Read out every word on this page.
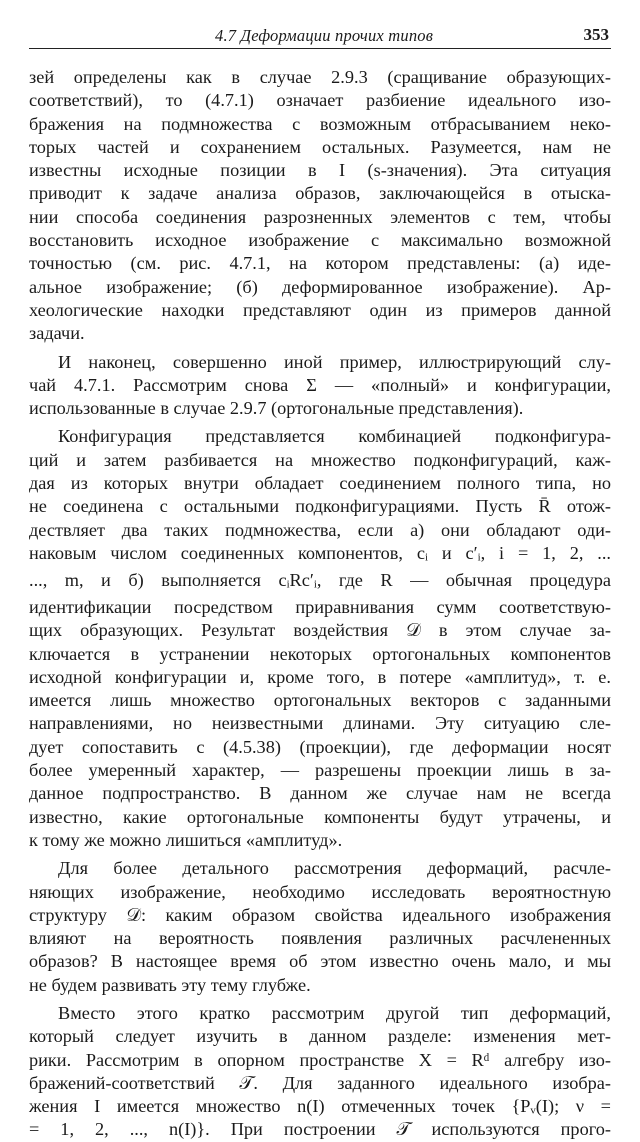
4.7 Деформации прочих типов	353
зей определены как в случае 2.9.3 (сращивание образующих-
соответствий), то (4.7.1) означает разбиение идеального изо-
бражения на подмножества с возможным отбрасыванием неко-
торых частей и сохранением остальных. Разумеется, нам не
известны исходные позиции в I (s-значения). Эта ситуация
приводит к задаче анализа образов, заключающейся в отыска-
нии способа соединения разрозненных элементов с тем, чтобы
восстановить исходное изображение с максимально возможной
точностью (см. рис. 4.7.1, на котором представлены: (а) иде-
альное изображение; (б) деформированное изображение). Ар-
хеологические находки представляют один из примеров данной
задачи.
И наконец, совершенно иной пример, иллюстрирующий слу-
чай 4.7.1. Рассмотрим снова Σ — «полный» и конфигурации,
использованные в случае 2.9.7 (ортогональные представления).
Конфигурация представляется комбинацией подконфигура-
ций и затем разбивается на множество подконфигураций, каж-
дая из которых внутри обладает соединением полного типа, но
не соединена с остальными подконфигурациями. Пусть R̄ отож-
дествляет два таких подмножества, если а) они обладают оди-
наковым числом соединенных компонентов, cᵢ и c′ᵢ, i = 1, 2, ...
..., m, и б) выполняется cᵢRc′ᵢ, где R — обычная процедура
идентификации посредством приравнивания сумм соответствую-
щих образующих. Результат воздействия 𝒟 в этом случае за-
ключается в устранении некоторых ортогональных компонентов
исходной конфигурации и, кроме того, в потере «амплитуд», т. е.
имеется лишь множество ортогональных векторов с заданными
направлениями, но неизвестными длинами. Эту ситуацию сле-
дует сопоставить с (4.5.38) (проекции), где деформации носят
более умеренный характер, — разрешены проекции лишь в за-
данное подпространство. В данном же случае нам не всегда
известно, какие ортогональные компоненты будут утрачены, и
к тому же можно лишиться «амплитуд».
Для более детального рассмотрения деформаций, расчле-
няющих изображение, необходимо исследовать вероятностную
структуру 𝒟: каким образом свойства идеального изображения
влияют на вероятность появления различных расчлененных
образов? В настоящее время об этом известно очень мало, и мы
не будем развивать эту тему глубже.
Вместо этого кратко рассмотрим другой тип деформаций,
который следует изучить в данном разделе: изменения мет-
рики. Рассмотрим в опорном пространстве X = Rᵈ алгебру изо-
бражений-соответствий 𝒯. Для заданного идеального изобра-
жения I имеется множество n(I) отмеченных точек {Pᵥ(I); ν =
= 1, 2, ..., n(I)}. При построении 𝒯 используются прого-
